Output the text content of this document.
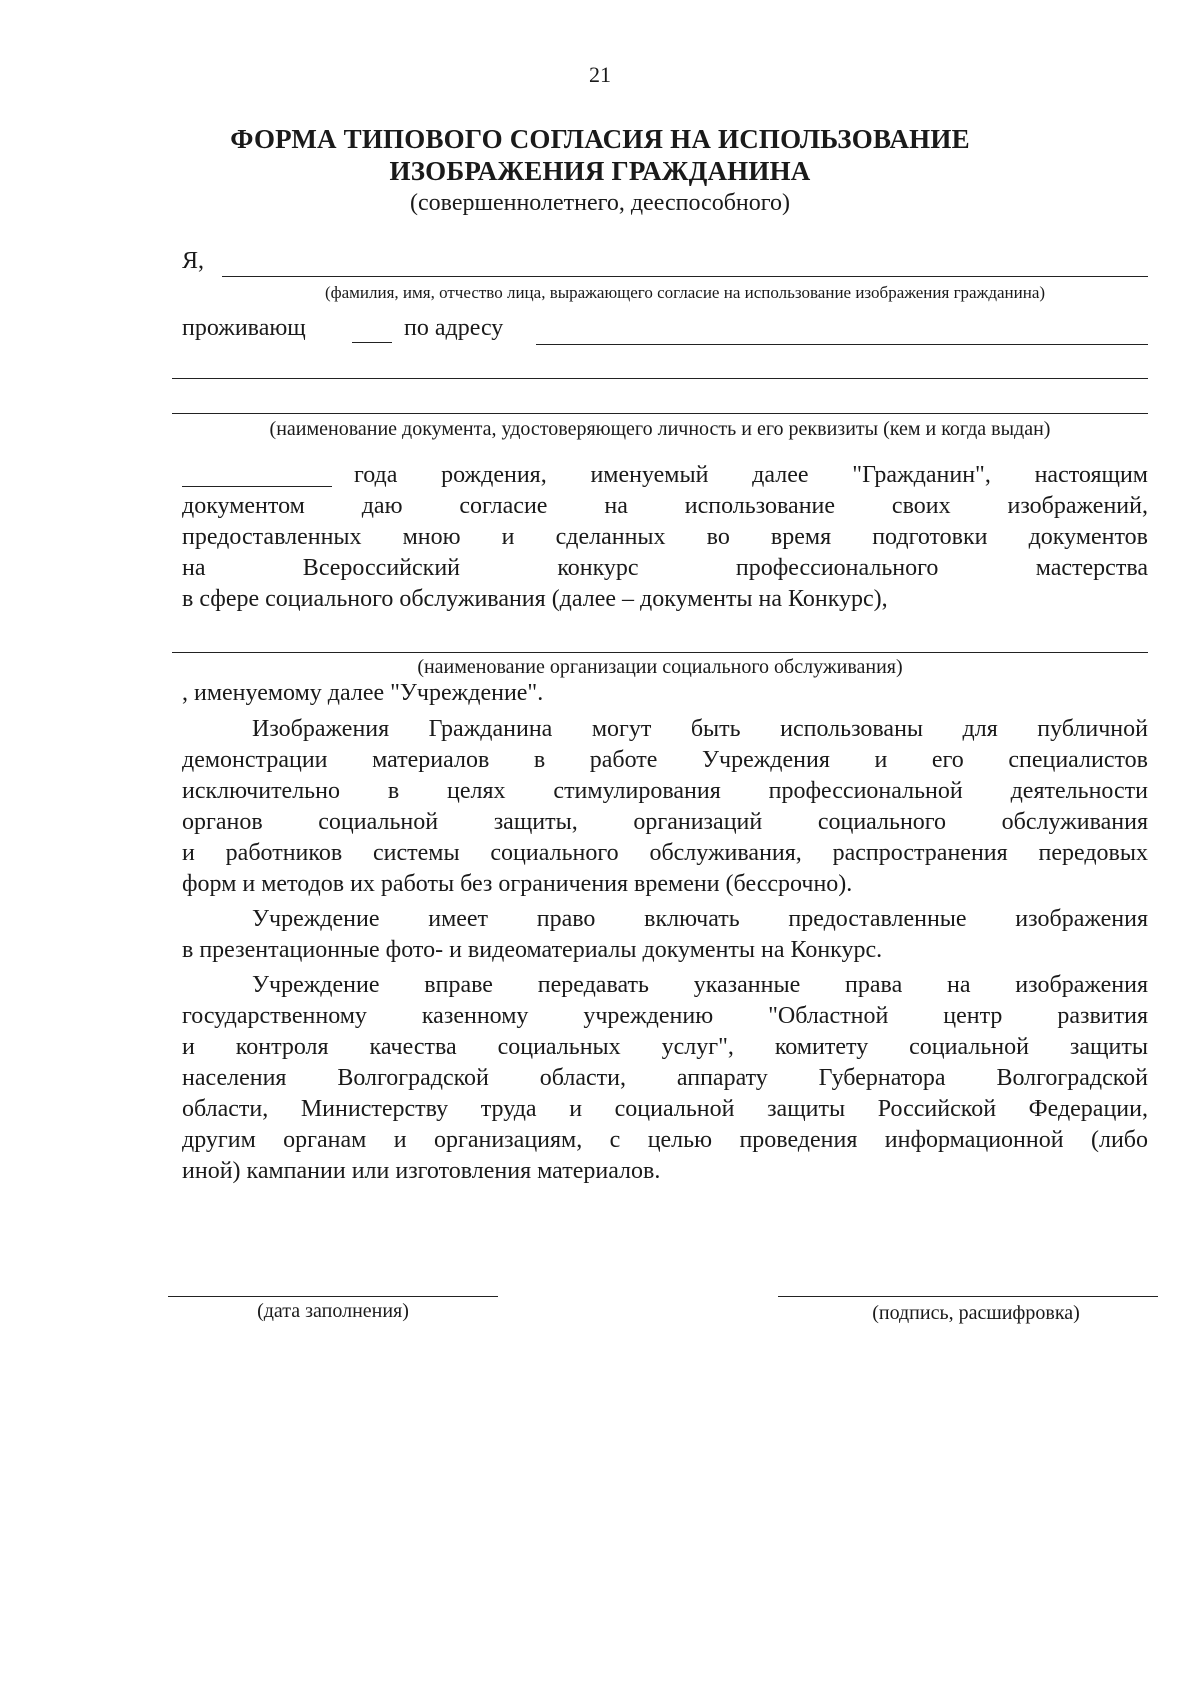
21
ФОРМА ТИПОВОГО СОГЛАСИЯ НА ИСПОЛЬЗОВАНИЕ
ИЗОБРАЖЕНИЯ ГРАЖДАНИНА
(совершеннолетнего, дееспособного)
Я,
(фамилия, имя, отчество лица, выражающего согласие на использование изображения гражданина)
проживающ	по адресу
(наименование документа, удостоверяющего личность и его реквизиты (кем и когда выдан)
года рождения, именуемый далее "Гражданин", настоящим
документом даю согласие на использование своих изображений,
предоставленных мною и сделанных во время подготовки документов
на Всероссийский конкурс профессионального мастерства
в сфере социального обслуживания (далее – документы на Конкурс),
(наименование организации социального обслуживания)
, именуемому далее "Учреждение".
Изображения Гражданина могут быть использованы для публичной
демонстрации материалов в работе Учреждения и его специалистов
исключительно в целях стимулирования профессиональной деятельности
органов социальной защиты, организаций социального обслуживания
и работников системы социального обслуживания, распространения передовых
форм и методов их работы без ограничения времени (бессрочно).
Учреждение имеет право включать предоставленные изображения
в презентационные фото- и видеоматериалы документы на Конкурс.
Учреждение вправе передавать указанные права на изображения
государственному казенному учреждению "Областной центр развития
и контроля качества социальных услуг", комитету социальной защиты
населения Волгоградской области, аппарату Губернатора Волгоградской
области, Министерству труда и социальной защиты Российской Федерации,
другим органам и организациям, с целью проведения информационной (либо
иной) кампании или изготовления материалов.
(дата заполнения)	(подпись, расшифровка)
